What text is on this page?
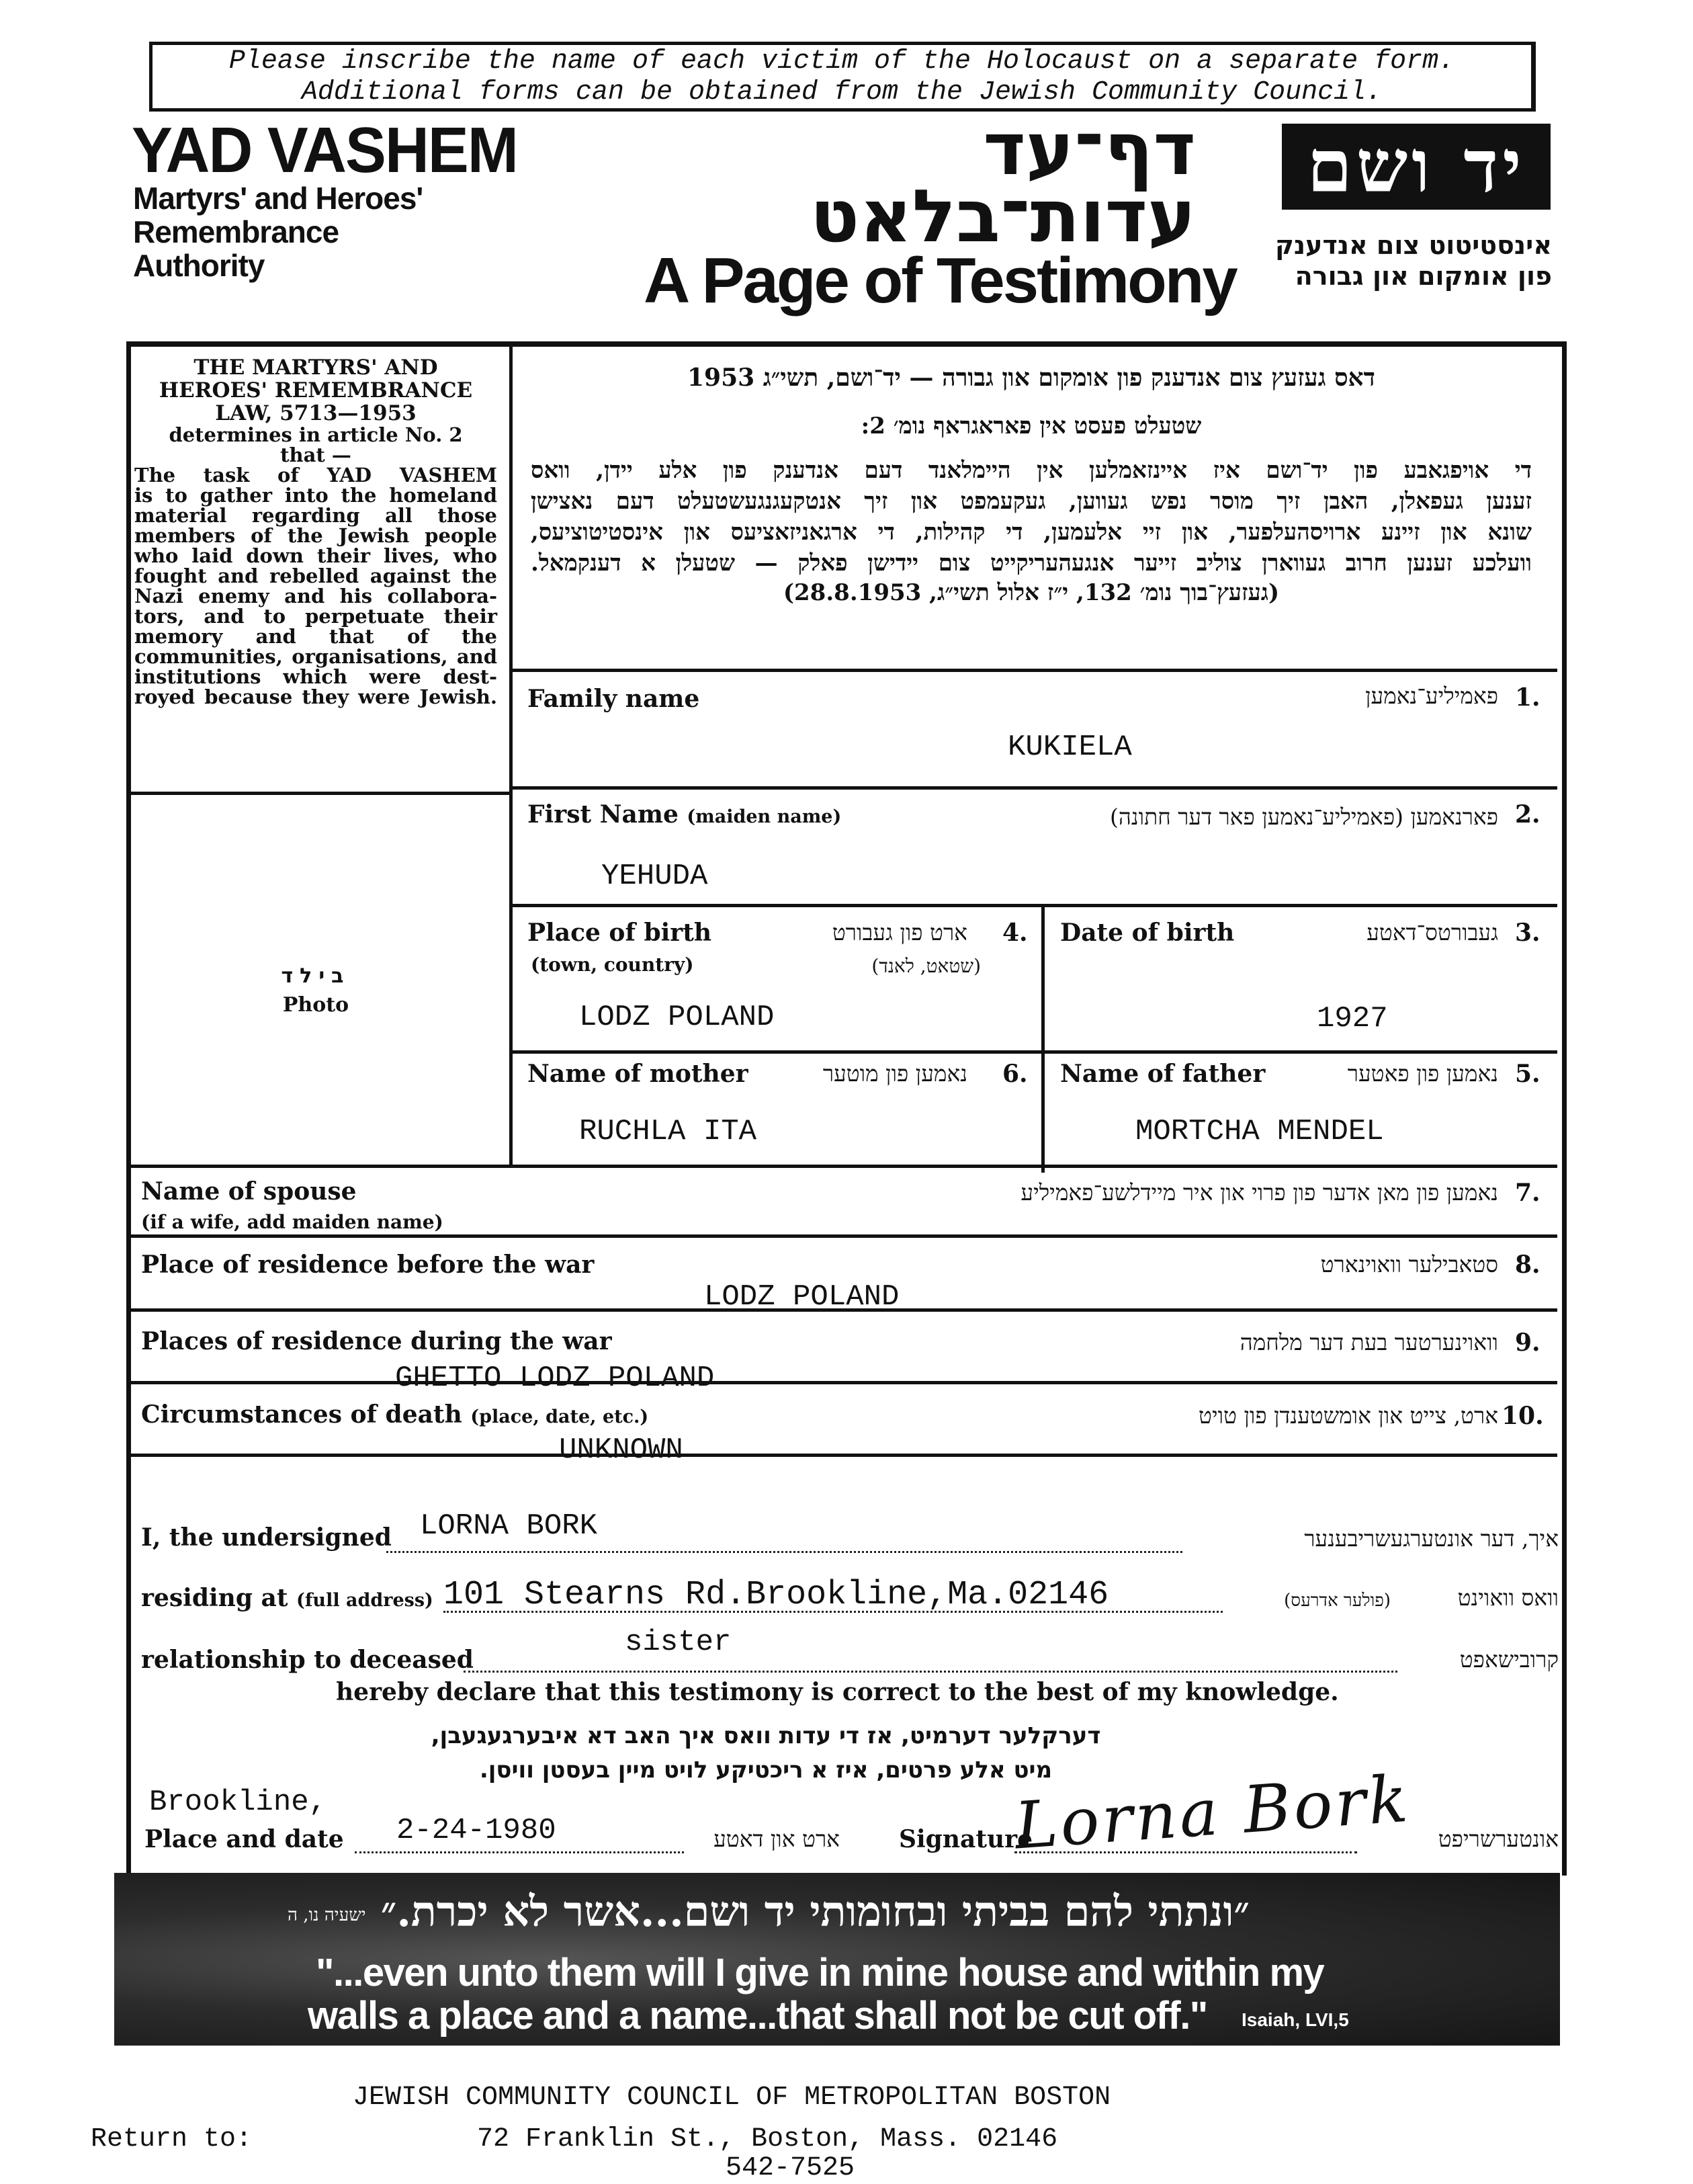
Please inscribe the name of each victim of the Holocaust on a separate form.
Additional forms can be obtained from the Jewish Community Council.
YAD VASHEM
Martyrs' and Heroes'
Remembrance
Authority
דף־עד
עדות־בלאט
A Page of Testimony
יד ושם
אינסטיטוט צום אנדענק
פון אומקום און גבורה
THE MARTYRS' AND
HEROES' REMEMBRANCE
LAW, 5713—1953
determines in article No. 2
that —
The task of YAD VASHEM
is to gather into the homeland
material regarding all those
members of the Jewish people
who laid down their lives, who
fought and rebelled against the
Nazi enemy and his collabora-
tors, and to perpetuate their
memory and that of the
communities, organisations, and
institutions which were dest-
royed because they were Jewish.
בילד
Photo
דאס געזעץ צום אנדענק פון אומקום און גבורה — יד־ושם, תשי״ג 1953
שטעלט פעסט אין פאראגראף נומ׳ 2:
די אויפגאבע פון יד־ושם איז איינזאמלען אין היימלאנד דעם אנדענק פון אלע יידן, וואס
זענען געפאלן, האבן זיך מוסר נפש געווען, געקעמפט און זיך אנטקעגנגעשטעלט דעם נאצישן
שונא און זיינע ארויסהעלפער, און זיי אלעמען, די קהילות, די ארגאניזאציעס און אינסטיטוציעס,
וועלכע זענען חרוב געווארן צוליב זייער אנגעהעריקייט צום יידישן פאלק — שטעלן א דענקמאל.
(געזעץ־בוך נומ׳ 132, י״ז אלול תשי״ג, 28.8.1953)
Family name	פאמיליע־נאמען 1.
KUKIELA
First Name (maiden name)	פארנאמען (פאמיליע־נאמען פאר דער חתונה) 2.
YEHUDA
Place of birth
(town, country)
ארט פון געבורט
(שטאט, לאנד)
4.
LODZ POLAND
Date of birth	געבורטס־דאטע 3.
1927
Name of mother	נאמען פון מוטער 6.
RUCHLA ITA
Name of father	נאמען פון פאטער 5.
MORTCHA MENDEL
Name of spouse
(if a wife, add maiden name)
נאמען פון מאן אדער פון פרוי און איר מיידלשע־פאמיליע 7.
Place of residence before the war	סטאבילער וואוינארט 8.
LODZ POLAND
Places of residence during the war	וואוינערטער בעת דער מלחמה 9.
GHETTO LODZ POLAND
Circumstances of death (place, date, etc.)	ארט, צייט און אומשטענדן פון טויט 10.
UNKNOWN
I, the undersigned LORNA BORK	איך, דער אונטערגעשריבענער
residing at (full address) 101 Stearns Rd.Brookline,Ma.02146	(פולער אדרעס)	וואס וואוינט
relationship to deceased
sister
קרובישאפט
hereby declare that this testimony is correct to the best of my knowledge.
דערקלער דערמיט, אז די עדות וואס איך האב דא איבערגעגעבן,
מיט אלע פרטים, איז א ריכטיקע לויט מיין בעסטן וויסן.
Brookline,
Place and date 2-24-1980	ארט און דאטע Signature
Lorna Bork	אונטערשריפט
״ונתתי להם בביתי ובחומותי יד ושם...אשר לא יכרת.״
ישעיה נו, ה
"...even unto them will I give in mine house and within my
walls a place and a name...that shall not be cut off." Isaiah, LVI,5
JEWISH COMMUNITY COUNCIL OF METROPOLITAN BOSTON
Return to:	72 Franklin St., Boston, Mass. 02146
542-7525
